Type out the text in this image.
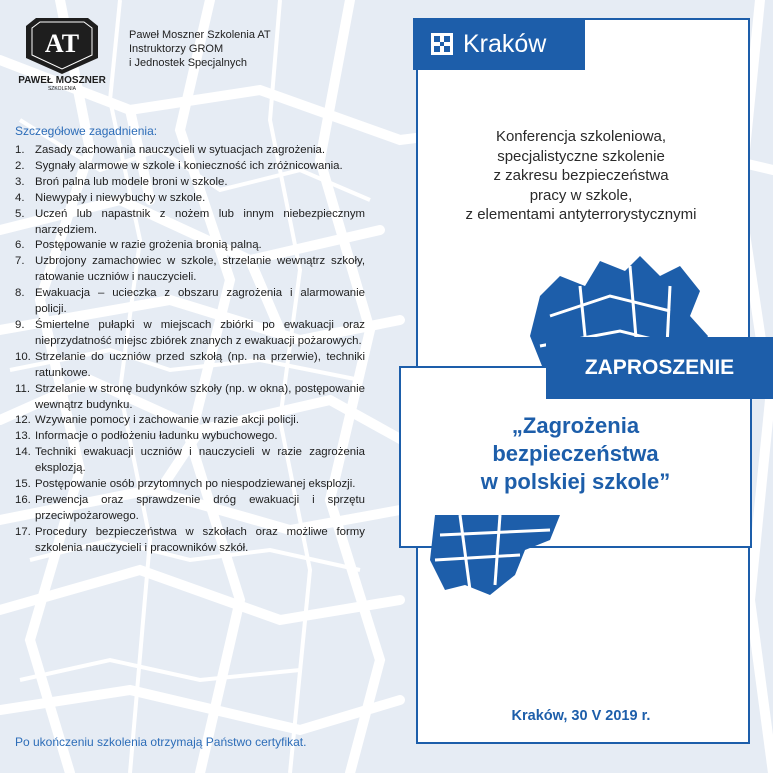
AT
PAWEŁ MOSZNER
SZKOLENIA
Paweł Moszner Szkolenia AT
Instruktorzy GROM
i Jednostek Specjalnych
Szczegółowe zagadnienia:
1. Zasady zachowania nauczycieli w sytuacjach zagrożenia.
2. Sygnały alarmowe w szkole i konieczność ich zróżnicowania.
3. Broń palna lub modele broni w szkole.
4. Niewypały i niewybuchy w szkole.
5. Uczeń lub napastnik z nożem lub innym niebezpiecznym narzędziem.
6. Postępowanie w razie grożenia bronią palną.
7. Uzbrojony zamachowiec w szkole, strzelanie wewnątrz szkoły, ratowanie uczniów i nauczycieli.
8. Ewakuacja – ucieczka z obszaru zagrożenia i alarmowanie policji.
9. Śmiertelne pułapki w miejscach zbiórki po ewakuacji oraz nieprzydatność miejsc zbiórek znanych z ewakuacji pożarowych.
10. Strzelanie do uczniów przed szkołą (np. na przerwie), techniki ratunkowe.
11. Strzelanie w stronę budynków szkoły (np. w okna), postępowanie wewnątrz budynku.
12. Wzywanie pomocy i zachowanie w razie akcji policji.
13. Informacje o podłożeniu ładunku wybuchowego.
14. Techniki ewakuacji uczniów i nauczycieli w razie zagrożenia eksplozją.
15. Postępowanie osób przytomnych po niespodziewanej eksplozji.
16. Prewencja oraz sprawdzenie dróg ewakuacji i sprzętu przeciwpożarowego.
17. Procedury bezpieczeństwa w szkołach oraz możliwe formy szkolenia nauczycieli i pracowników szkół.
Po ukończeniu szkolenia otrzymają Państwo certyfikat.
Kraków
Konferencja szkoleniowa,
specjalistyczne szkolenie
z zakresu bezpieczeństwa
pracy w szkole,
z elementami antyterrorystycznymi
ZAPROSZENIE
„Zagrożenia
bezpieczeństwa
w polskiej szkole”
Kraków, 30 V 2019 r.
